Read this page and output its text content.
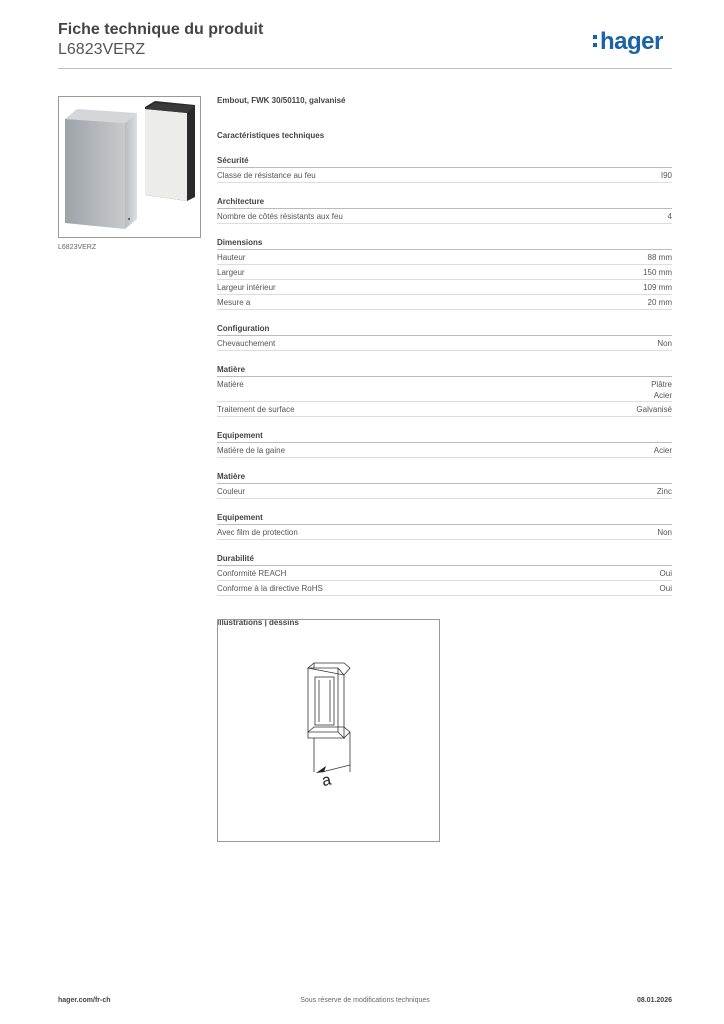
Fiche technique du produit
L6823VERZ	hager
L6823VERZ
Embout, FWK 30/50110, galvanisé
Caractéristiques techniques
Sécurité
Classe de résistance au feu	I90
Architecture
Nombre de côtés résistants aux feu	4
Dimensions
Hauteur	88 mm
Largeur	150 mm
Largeur intérieur	109 mm
Mesure a	20 mm
Configuration
Chevauchement	Non
Matière
Matière	Plâtre
Acier
Traitement de surface	Galvanisé
Equipement
Matière de la gaine	Acier
Matière
Couleur	Zinc
Equipement
Avec film de protection	Non
Durabilité
Conformité REACH	Oui
Conforme à la directive RoHS	Oui
Illustrations | dessins
a
hager.com/fr-ch	Sous réserve de modifications techniques	08.01.2026
